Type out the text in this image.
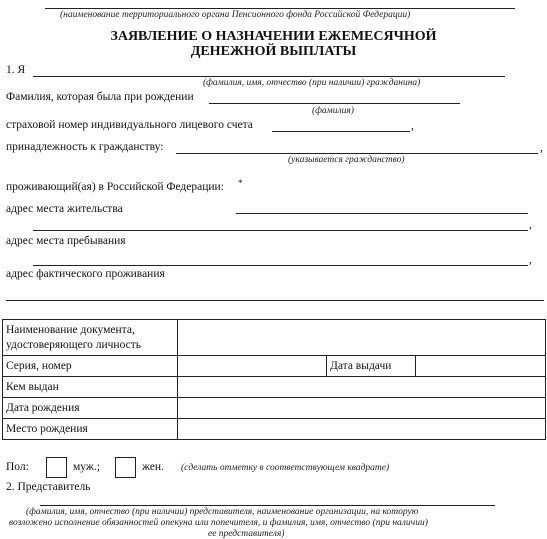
(наименование территориального органа Пенсионного фонда Российской Федерации)
ЗАЯВЛЕНИЕ О НАЗНАЧЕНИИ ЕЖЕМЕСЯЧНОЙ
ДЕНЕЖНОЙ ВЫПЛАТЫ
1. Я
(фамилия, имя, отчество (при наличии) гражданина)
Фамилия, которая была при рождении
(фамилия)
страховой номер индивидуального лицевого счета	,
принадлежность к гражданству:	,
(указывается гражданство)
проживающий(ая) в Российской Федерации: *
адрес места жительства
,
адрес места пребывания
,
адрес фактического проживания
Наименование документа,
удостоверяющего личность			
Серия, номер		Дата выдачи	
Кем выдан			
Дата рождения			
Место рождения			
Пол:	муж.;	жен. (сделать отметку в соответствующем квадрате)
2. Представитель
(фамилия, имя, отчество (при наличии) представителя, наименование организации, на которую
возложено исполнение обязанностей опекуна или попечителя, и фамилия, имя, отчество (при наличии)
ее представителя)
